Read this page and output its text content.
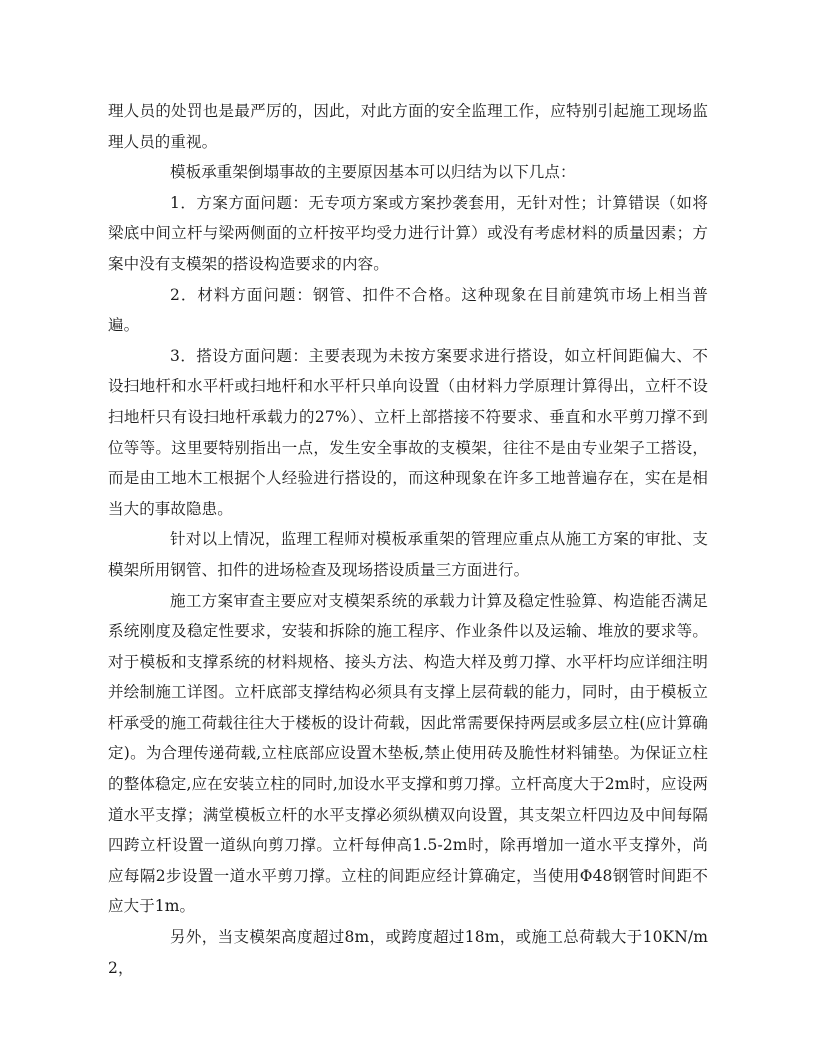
理人员的处罚也是最严厉的，因此，对此方面的安全监理工作，应特别引起施工现场监理人员的重视。

模板承重架倒塌事故的主要原因基本可以归结为以下几点：

1．方案方面问题：无专项方案或方案抄袭套用，无针对性；计算错误（如将梁底中间立杆与梁两侧面的立杆按平均受力进行计算）或没有考虑材料的质量因素；方案中没有支模架的搭设构造要求的内容。

2．材料方面问题：钢管、扣件不合格。这种现象在目前建筑市场上相当普遍。

3．搭设方面问题：主要表现为未按方案要求进行搭设，如立杆间距偏大、不设扫地杆和水平杆或扫地杆和水平杆只单向设置（由材料力学原理计算得出，立杆不设扫地杆只有设扫地杆承载力的27%）、立杆上部搭接不符要求、垂直和水平剪刀撑不到位等等。这里要特别指出一点，发生安全事故的支模架，往往不是由专业架子工搭设，而是由工地木工根据个人经验进行搭设的，而这种现象在许多工地普遍存在，实在是相当大的事故隐患。

针对以上情况，监理工程师对模板承重架的管理应重点从施工方案的审批、支模架所用钢管、扣件的进场检查及现场搭设质量三方面进行。

施工方案审查主要应对支模架系统的承载力计算及稳定性验算、构造能否满足系统刚度及稳定性要求，安装和拆除的施工程序、作业条件以及运输、堆放的要求等。对于模板和支撑系统的材料规格、接头方法、构造大样及剪刀撑、水平杆均应详细注明并绘制施工详图。立杆底部支撑结构必须具有支撑上层荷载的能力，同时，由于模板立杆承受的施工荷载往往大于楼板的设计荷载，因此常需要保持两层或多层立柱(应计算确定)。为合理传递荷载,立柱底部应设置木垫板,禁止使用砖及脆性材料铺垫。为保证立柱的整体稳定,应在安装立柱的同时,加设水平支撑和剪刀撑。立杆高度大于2m时，应设两道水平支撑；满堂模板立杆的水平支撑必须纵横双向设置，其支架立杆四边及中间每隔四跨立杆设置一道纵向剪刀撑。立杆每伸高1.5-2m时，除再增加一道水平支撑外，尚应每隔2步设置一道水平剪刀撑。立柱的间距应经计算确定，当使用Φ48钢管时间距不应大于1m。

另外，当支模架高度超过8m，或跨度超过18m，或施工总荷载大于10KN/m2，
